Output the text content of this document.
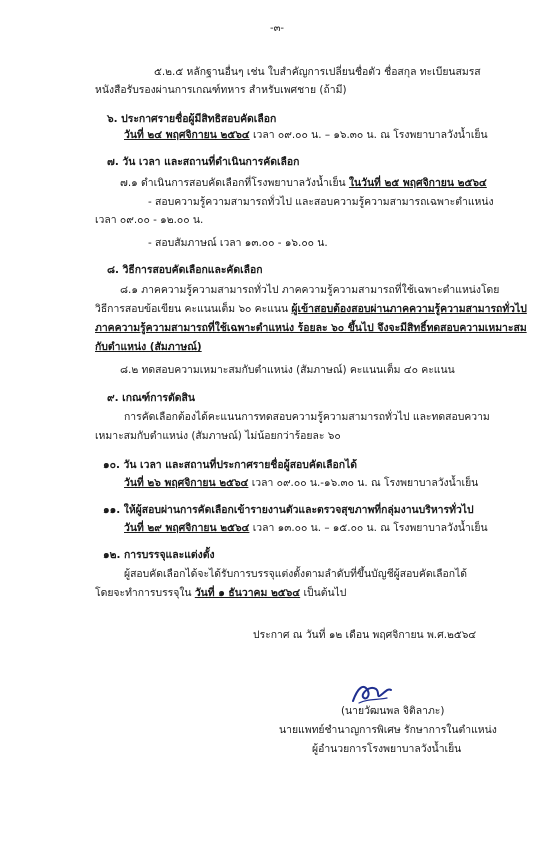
-๓-
๕.๒.๕ หลักฐานอื่นๆ เช่น ใบสำคัญการเปลี่ยนชื่อตัว ชื่อสกุล ทะเบียนสมรส
หนังสือรับรองผ่านการเกณฑ์ทหาร สำหรับเพศชาย (ถ้ามี)
๖. ประกาศรายชื่อผู้มีสิทธิสอบคัดเลือก
วันที่ ๒๔ พฤศจิกายน ๒๕๖๔ เวลา ๐๙.๐๐ น. – ๑๖.๓๐ น. ณ โรงพยาบาลวังน้ำเย็น
๗. วัน เวลา และสถานที่ดำเนินการคัดเลือก
๗.๑ ดำเนินการสอบคัดเลือกที่โรงพยาบาลวังน้ำเย็น ในวันที่ ๒๕ พฤศจิกายน ๒๕๖๔
- สอบความรู้ความสามารถทั่วไป และสอบความรู้ความสามารถเฉพาะตำแหน่ง
เวลา ๐๙.๐๐ - ๑๒.๐๐ น.
- สอบสัมภาษณ์ เวลา ๑๓.๐๐ - ๑๖.๐๐ น.
๘. วิธีการสอบคัดเลือกและคัดเลือก
๘.๑ ภาคความรู้ความสามารถทั่วไป ภาคความรู้ความสามารถที่ใช้เฉพาะตำแหน่งโดย
วิธีการสอบข้อเขียน คะแนนเต็ม ๖๐ คะแนน ผู้เข้าสอบต้องสอบผ่านภาคความรู้ความสามารถทั่วไป
ภาคความรู้ความสามารถที่ใช้เฉพาะตำแหน่ง ร้อยละ ๖๐ ขึ้นไป จึงจะมีสิทธิ์ทดสอบความเหมาะสม
กับตำแหน่ง (สัมภาษณ์)
๘.๒ ทดสอบความเหมาะสมกับตำแหน่ง (สัมภาษณ์) คะแนนเต็ม ๔๐ คะแนน
๙. เกณฑ์การตัดสิน
การคัดเลือกต้องได้คะแนนการทดสอบความรู้ความสามารถทั่วไป และทดสอบความ
เหมาะสมกับตำแหน่ง (สัมภาษณ์) ไม่น้อยกว่าร้อยละ ๖๐
๑๐. วัน เวลา และสถานที่ประกาศรายชื่อผู้สอบคัดเลือกได้
วันที่ ๒๖ พฤศจิกายน ๒๕๖๔ เวลา ๐๙.๐๐ น.-๑๖.๓๐ น. ณ โรงพยาบาลวังน้ำเย็น
๑๑. ให้ผู้สอบผ่านการคัดเลือกเข้ารายงานตัวและตรวจสุขภาพที่กลุ่มงานบริหารทั่วไป
วันที่ ๒๙ พฤศจิกายน ๒๕๖๔ เวลา ๑๓.๐๐ น. – ๑๕.๐๐ น. ณ โรงพยาบาลวังน้ำเย็น
๑๒. การบรรจุและแต่งตั้ง
ผู้สอบคัดเลือกได้จะได้รับการบรรจุแต่งตั้งตามลำดับที่ขึ้นบัญชีผู้สอบคัดเลือกได้
โดยจะทำการบรรจุใน วันที่ ๑ ธันวาคม ๒๕๖๔ เป็นต้นไป
ประกาศ ณ วันที่ ๑๒ เดือน พฤศจิกายน พ.ศ.๒๕๖๔
(นายวัฒนพล จิติลาภะ)
นายแพทย์ชำนาญการพิเศษ รักษาการในตำแหน่ง
ผู้อำนวยการโรงพยาบาลวังน้ำเย็น
